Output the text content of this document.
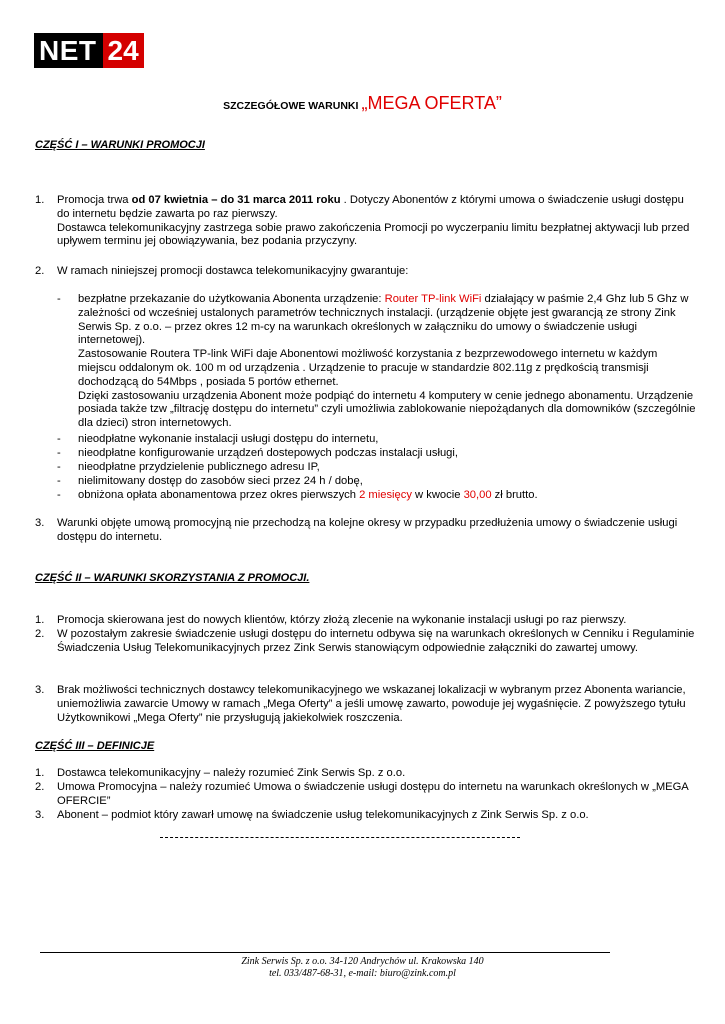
NET 24
SZCZEGÓŁOWE WARUNKI „MEGA OFERTA”
CZĘŚĆ I – WARUNKI PROMOCJI
1. Promocja trwa od 07 kwietnia – do 31 marca 2011 roku . Dotyczy Abonentów z którymi umowa o świadczenie usługi dostępu do internetu będzie zawarta po raz pierwszy.
Dostawca telekomunikacyjny zastrzega sobie prawo zakończenia Promocji po wyczerpaniu limitu bezpłatnej aktywacji lub przed upływem terminu jej obowiązywania, bez podania przyczyny.
2. W ramach niniejszej promocji dostawca telekomunikacyjny gwarantuje:
- bezpłatne przekazanie do użytkowania Abonenta urządzenie: Router TP-link WiFi działający w paśmie 2,4 Ghz lub 5 Ghz w zależności od wcześniej ustalonych parametrów technicznych instalacji. (urządzenie objęte jest gwarancją ze strony Zink Serwis Sp. z o.o. – przez okres 12 m-cy na warunkach określonych w załączniku do umowy o świadczenie usługi internetowej).
Zastosowanie Routera TP-link WiFi daje Abonentowi możliwość korzystania z bezprzewodowego internetu w każdym miejscu oddalonym ok. 100 m od urządzenia . Urządzenie to pracuje w standardzie 802.11g z prędkością transmisji dochodzącą do 54Mbps , posiada 5 portów ethernet.
Dzięki zastosowaniu urządzenia Abonent może podpiąć do internetu 4 komputery w cenie jednego abonamentu. Urządzenie posiada także tzw „filtrację dostępu do internetu” czyli umożliwia zablokowanie niepożądanych dla domowników (szczególnie dla dzieci) stron internetowych.
- nieodpłatne wykonanie instalacji usługi dostępu do internetu,
- nieodpłatne konfigurowanie urządzeń dostepowych podczas instalacji usługi,
- nieodpłatne przydzielenie publicznego adresu IP,
- nielimitowany dostęp do zasobów sieci przez 24 h / dobę,
- obniżona opłata abonamentowa przez okres pierwszych 2 miesięcy w kwocie 30,00 zł brutto.
3. Warunki objęte umową promocyjną nie przechodzą na kolejne okresy w przypadku przedłużenia umowy o świadczenie usługi dostępu do internetu.
CZĘŚĆ II – WARUNKI SKORZYSTANIA Z PROMOCJI.
1. Promocja skierowana jest do nowych klientów, którzy złożą zlecenie na wykonanie instalacji usługi po raz pierwszy.
2. W pozostałym zakresie świadczenie usługi dostępu do internetu odbywa się na warunkach określonych w Cenniku i Regulaminie Świadczenia Usług Telekomunikacyjnych przez Zink Serwis stanowiącym odpowiednie załączniki do zawartej umowy.
3. Brak możliwości technicznych dostawcy telekomunikacyjnego we wskazanej lokalizacji w wybranym przez Abonenta wariancie, uniemożliwia zawarcie Umowy w ramach „Mega Oferty” a jeśli umowę zawarto, powoduje jej wygaśnięcie. Z powyższego tytułu Użytkownikowi „Mega Oferty” nie przysługują jakiekolwiek roszczenia.
CZĘŚĆ III – DEFINICJE
1. Dostawca telekomunikacyjny – należy rozumieć Zink Serwis Sp. z o.o.
2. Umowa Promocyjna – należy rozumieć Umowa o świadczenie usługi dostępu do internetu na warunkach określonych w „MEGA OFERCIE”
3. Abonent – podmiot który zawarł umowę na świadczenie usług telekomunikacyjnych z Zink Serwis Sp. z o.o.
Zink Serwis Sp. z o.o. 34-120 Andrychów ul. Krakowska 140
tel. 033/487-68-31, e-mail: biuro@zink.com.pl
